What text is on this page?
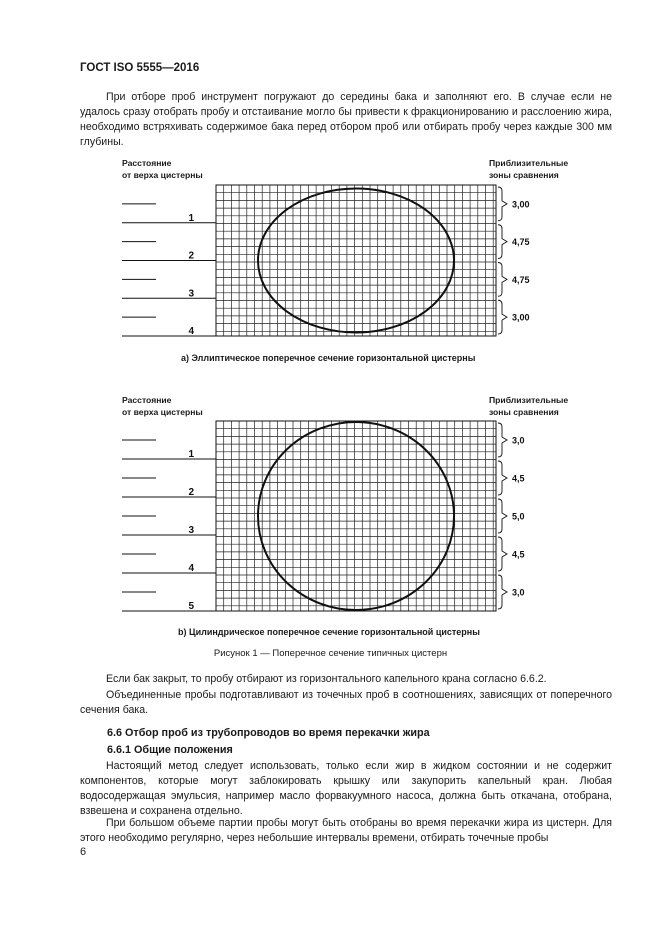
ГОСТ ISO 5555—2016
При отборе проб инструмент погружают до середины бака и заполняют его. В случае если не удалось сразу отобрать пробу и отстаивание могло бы привести к фракционированию и расслоению жира, необходимо встряхивать содержимое бака перед отбором проб или отбирать пробу через каждые 300 мм глубины.
Расстояние
от верха цистерны
Приблизительные
зоны сравнения
Расстояние
от верха цистерны
Приблизительные
зоны сравнения
1
2
3
4
3,00
4,75
4,75
3,00
1
2
3
4
5
3,0
4,5
5,0
4,5
3,0
а) Эллиптическое поперечное сечение горизонтальной цистерны
b) Цилиндрическое поперечное сечение горизонтальной цистерны
Рисунок 1 — Поперечное сечение типичных цистерн
Если бак закрыт, то пробу отбирают из горизонтального капельного крана согласно 6.6.2.
Объединенные пробы подготавливают из точечных проб в соотношениях, зависящих от поперечного сечения бака.
6.6 Отбор проб из трубопроводов во время перекачки жира
6.6.1 Общие положения
Настоящий метод следует использовать, только если жир в жидком состоянии и не содержит компонентов, которые могут заблокировать крышку или закупорить капельный кран. Любая водосодержащая эмульсия, например масло форвакуумного насоса, должна быть откачана, отобрана, взвешена и сохранена отдельно.
При большом объеме партии пробы могут быть отобраны во время перекачки жира из цистерн. Для этого необходимо регулярно, через небольшие интервалы времени, отбирать точечные пробы
6
